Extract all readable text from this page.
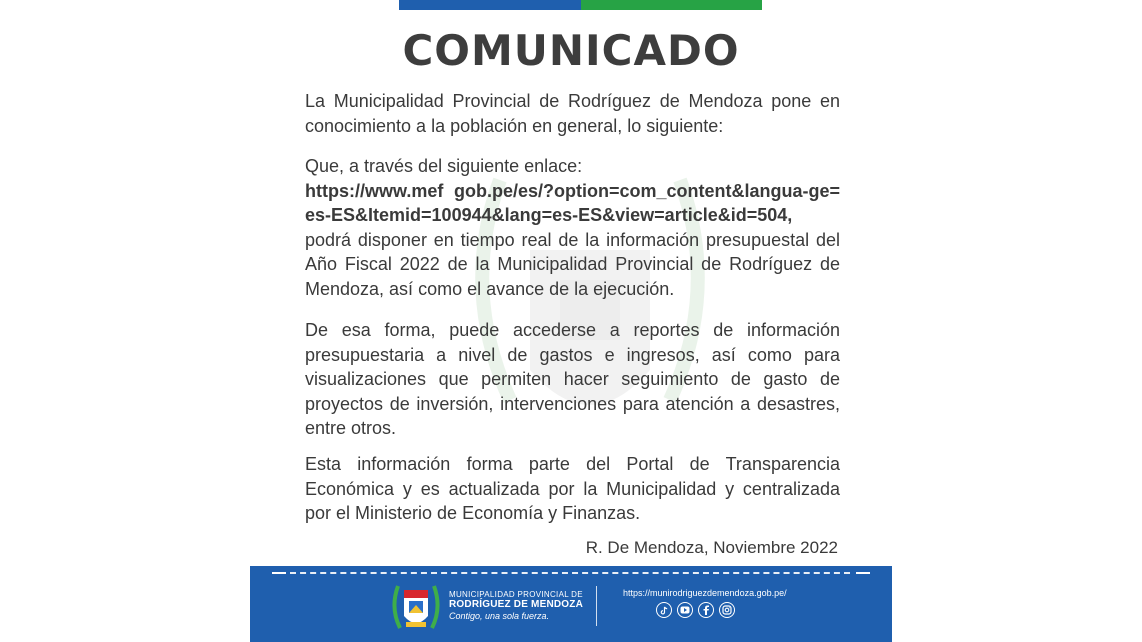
COMUNICADO
La Municipalidad Provincial de Rodríguez de Mendoza pone en conocimiento a la población en general, lo siguiente:
Que, a través del siguiente enlace:
https://www.mef gob.pe/es/?option=com_content&langua-ge=es-ES&Itemid=100944&lang=es-ES&view=article&id=504,
podrá disponer en tiempo real de la información presupuestal del Año Fiscal 2022 de la Municipalidad Provincial de Rodríguez de Mendoza, así como el avance de la ejecución.
De esa forma, puede accederse a reportes de información presupuestaria a nivel de gastos e ingresos, así como para visualizaciones que permiten hacer seguimiento de gasto de proyectos de inversión, intervenciones para atención a desastres, entre otros.
Esta información forma parte del Portal de Transparencia Económica y es actualizada por la Municipalidad y centralizada por el Ministerio de Economía y Finanzas.
R. De Mendoza, Noviembre 2022
MUNICIPALIDAD PROVINCIAL DE
RODRÍGUEZ DE MENDOZA
Contigo, una sola fuerza.
https://munirodriguezdemendoza.gob.pe/
